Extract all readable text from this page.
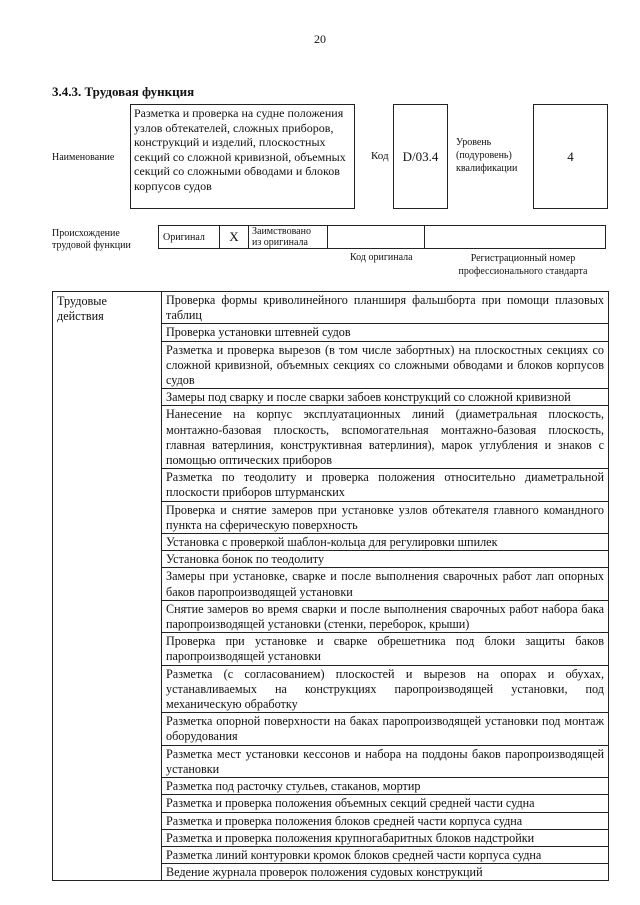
20
3.4.3. Трудовая функция
Наименование
Разметка и проверка на судне положения узлов обтекателей, сложных приборов, конструкций и изделий, плоскостных секций со сложной кривизной, объемных секций со сложными обводами и блоков корпусов судов
Код D/03.4
Уровень
(подуровень)
квалификации
4
Происхождение
трудовой функции
Оригинал X Заимствовано
из оригинала
Код оригинала	Регистрационный номер
профессионального стандарта
Трудовые
действия
	Проверка формы криволинейного планширя фальшборта при помощи плазовых таблиц
Проверка установки штевней судов
Разметка и проверка вырезов (в том числе забортных) на плоскостных секциях со сложной кривизной, объемных секциях со сложными обводами и блоков корпусов судов
Замеры под сварку и после сварки забоев конструкций со сложной кривизной
Нанесение на корпус эксплуатационных линий (диаметральная плоскость, монтажно-базовая плоскость, вспомогательная монтажно-базовая плоскость, главная ватерлиния, конструктивная ватерлиния), марок углубления и знаков с помощью оптических приборов
Разметка по теодолиту и проверка положения относительно диаметральной плоскости приборов штурманских
Проверка и снятие замеров при установке узлов обтекателя главного командного пункта на сферическую поверхность
Установка с проверкой шаблон-кольца для регулировки шпилек
Установка бонок по теодолиту
Замеры при установке, сварке и после выполнения сварочных работ лап опорных баков паропроизводящей установки
Снятие замеров во время сварки и после выполнения сварочных работ набора бака паропроизводящей установки (стенки, переборок, крыши)
Проверка при установке и сварке обрешетника под блоки защиты баков паропроизводящей установки
Разметка (с согласованием) плоскостей и вырезов на опорах и обухах, устанавливаемых на конструкциях паропроизводящей установки, под механическую обработку
Разметка опорной поверхности на баках паропроизводящей установки под монтаж оборудования
Разметка мест установки кессонов и набора на поддоны баков паропроизводящей установки
Разметка под расточку стульев, стаканов, мортир
Разметка и проверка положения объемных секций средней части судна
Разметка и проверка положения блоков средней части корпуса судна
Разметка и проверка положения крупногабаритных блоков надстройки
Разметка линий контуровки кромок блоков средней части корпуса судна
Ведение журнала проверок положения судовых конструкций
